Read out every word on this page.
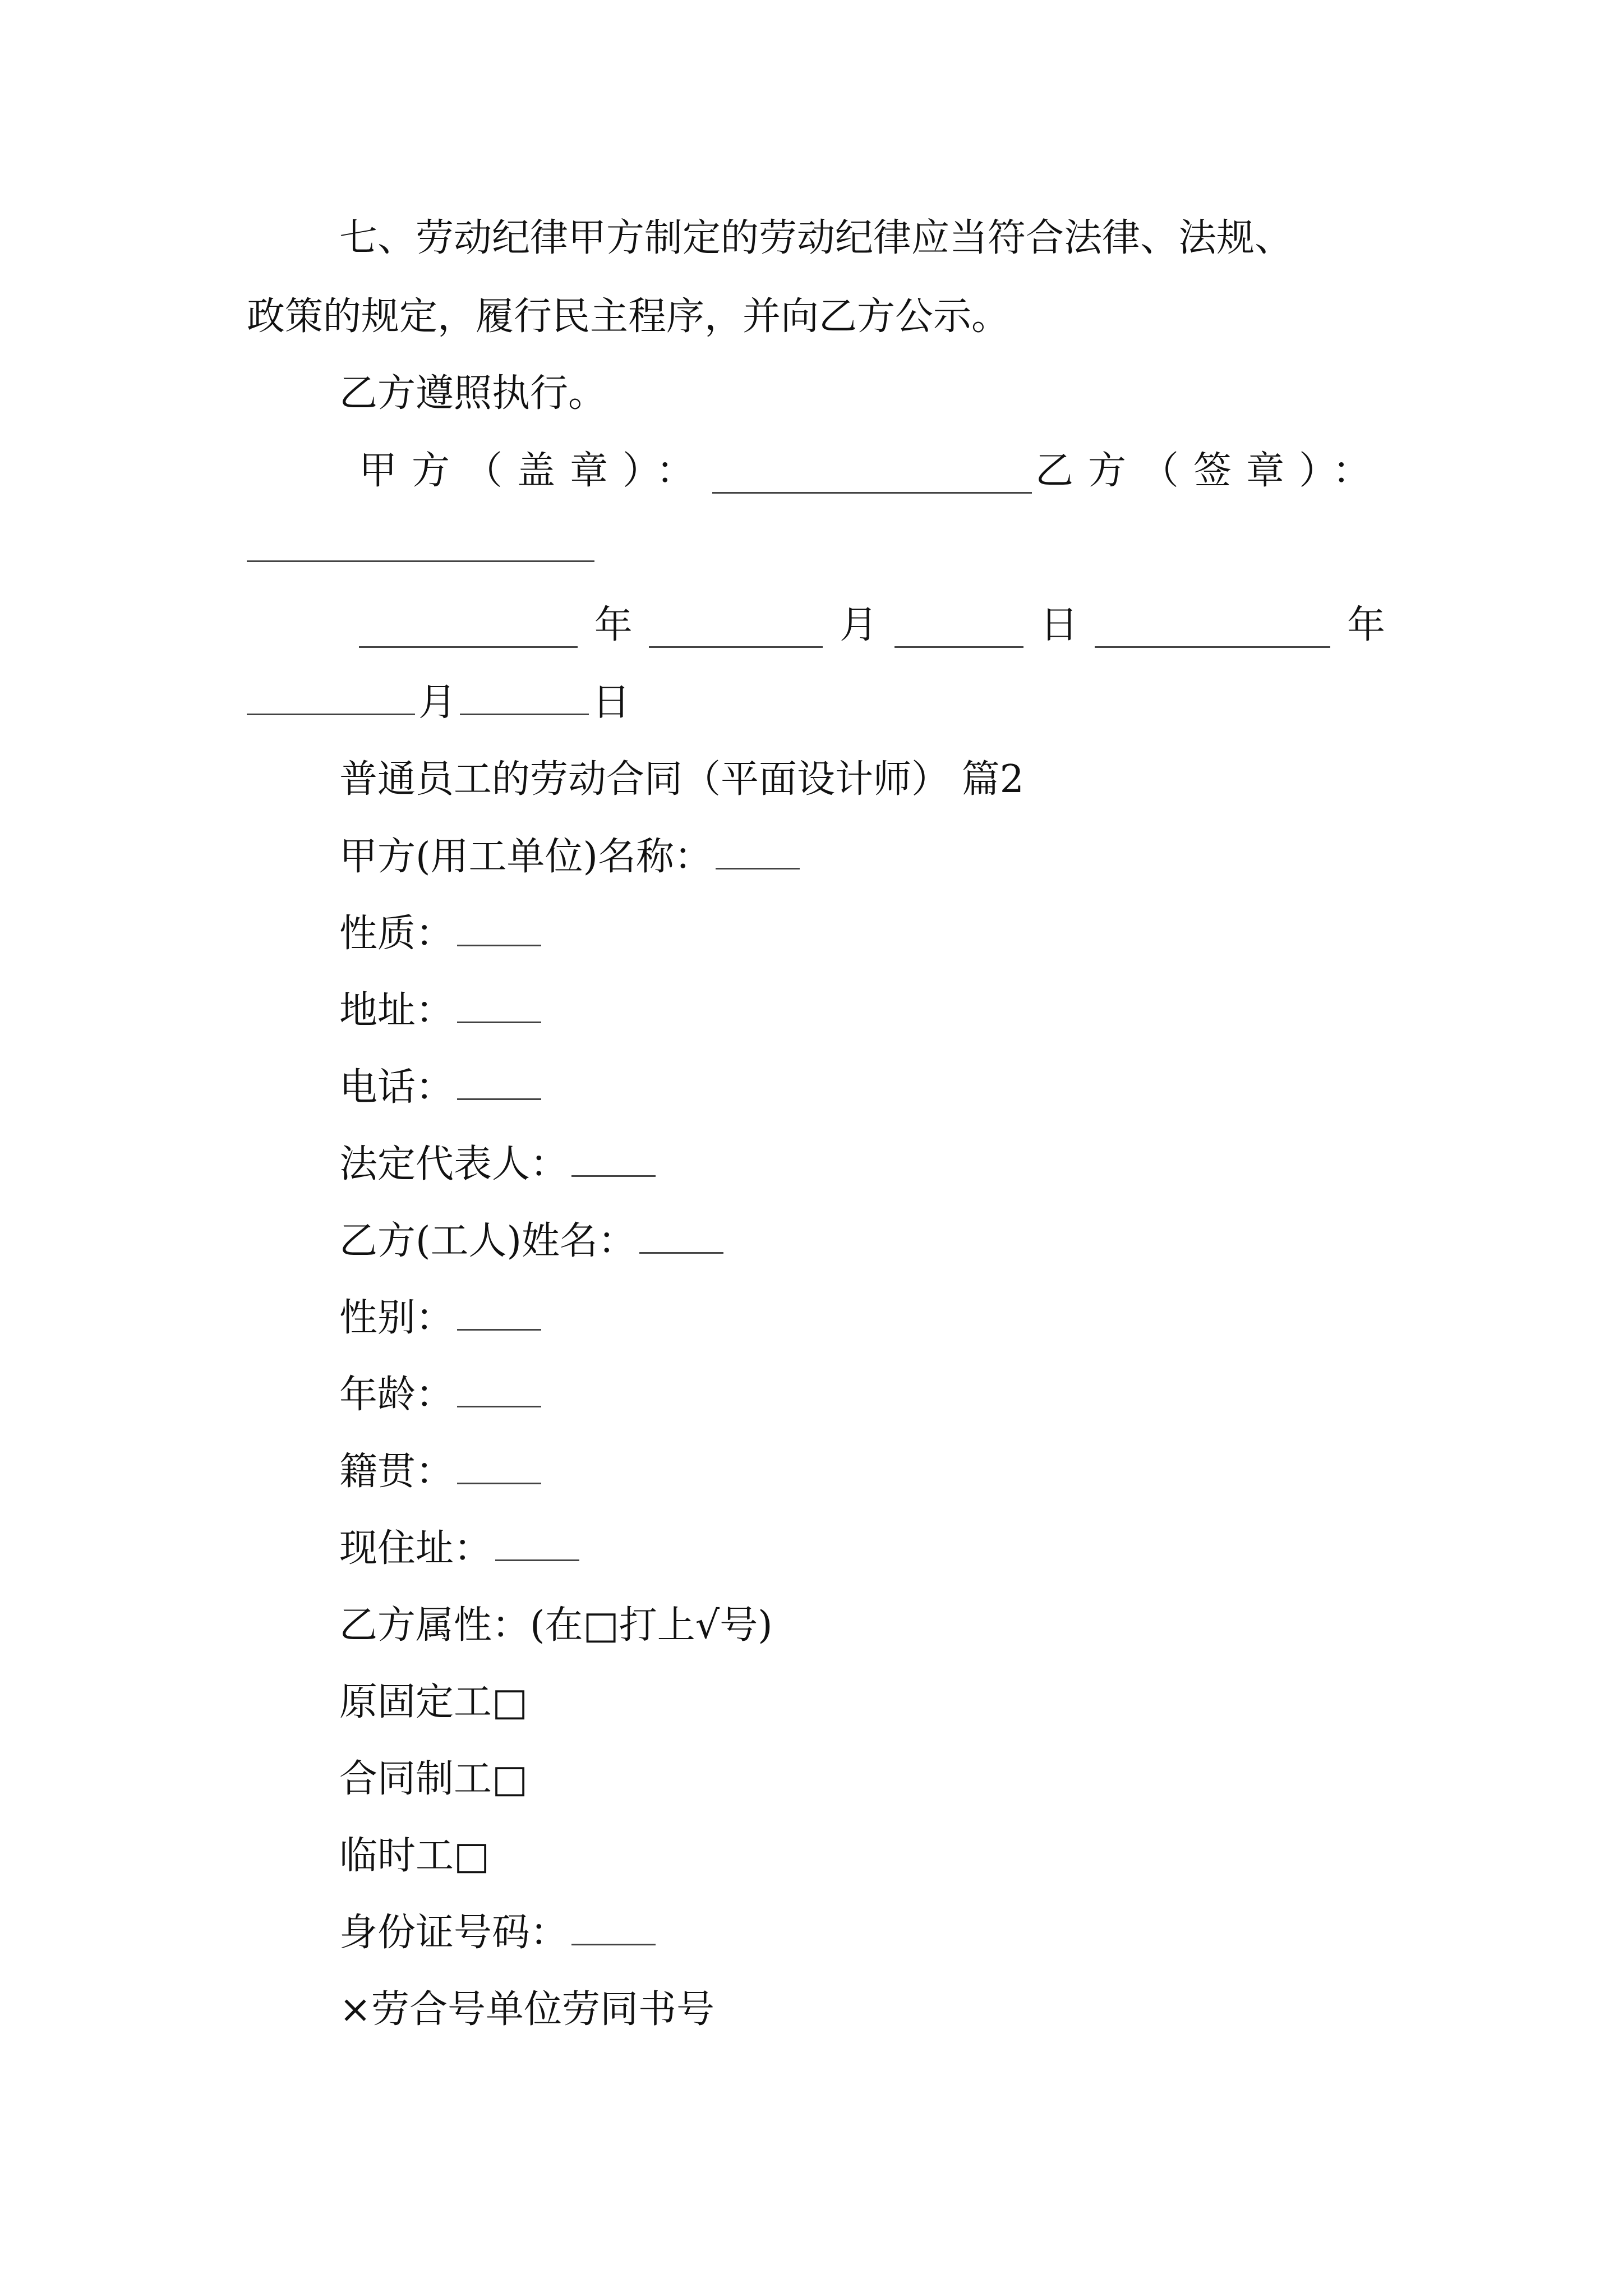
七、劳动纪律甲方制定的劳动纪律应当符合法律、法规、
政策的规定，履行民主程序，并向乙方公示。
乙方遵照执行。
甲方（盖章）：	乙方（签章）：
年	月	日	年
月	日
普通员工的劳动合同（平面设计师） 篇2
甲方(用工单位)名称：
性质：
地址：
电话：
法定代表人：
乙方(工人)姓名：
性别：
年龄：
籍贯：
现住址：
乙方属性：(在□打上√号)
原固定工□
合同制工□
临时工□
身份证号码：
×劳合号单位劳同书号
